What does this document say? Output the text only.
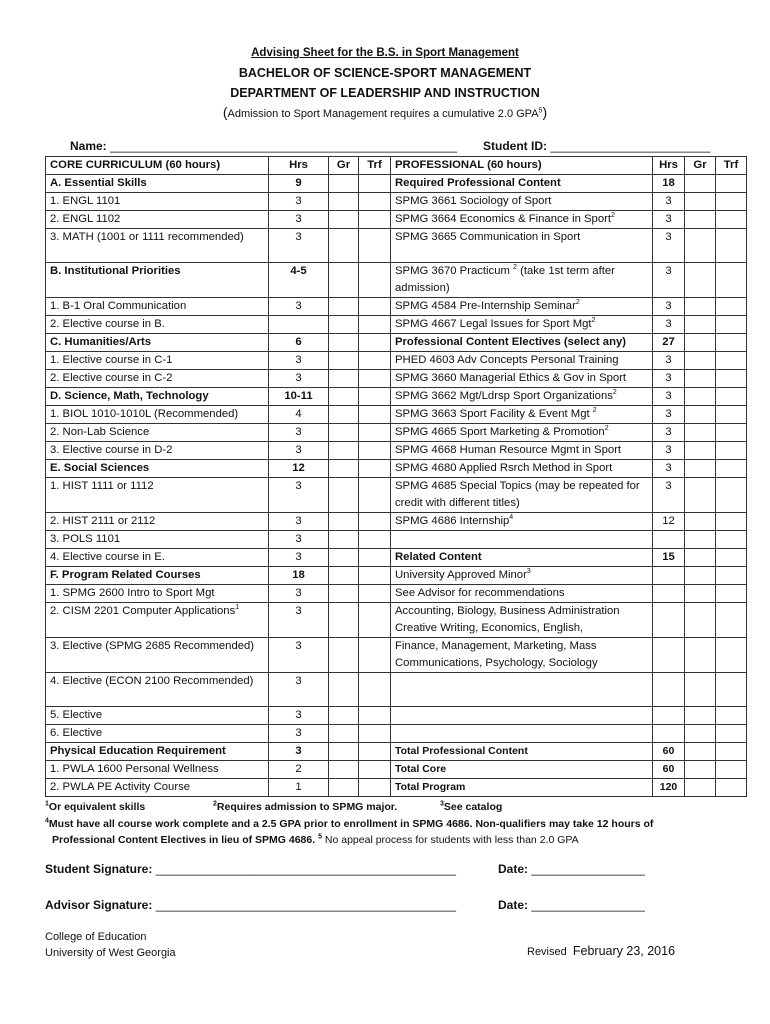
Advising Sheet for the B.S. in Sport Management
BACHELOR OF SCIENCE-SPORT MANAGEMENT
DEPARTMENT OF LEADERSHIP AND INSTRUCTION
(Admission to Sport Management requires a cumulative 2.0 GPA$^5$)
Name: ____________________________________________________ Student ID: ________________________
CORE CURRICULUM (60 hours)	Hrs	Gr	Trf	PROFESSIONAL (60 hours)	Hrs	Gr	Trf
A. Essential Skills	9			Required Professional Content	18		
1. ENGL 1101	3			SPMG 3661 Sociology of Sport	3		
2. ENGL 1102	3			SPMG 3664 Economics & Finance in Sport$^2$	3		
3. MATH (1001 or 1111 recommended)	3			SPMG 3665 Communication in Sport	3		
B. Institutional Priorities	4-5			SPMG 3670 Practicum $^2$ (take 1st term after admission)	3		
1. B-1 Oral Communication	3			SPMG 4584 Pre-Internship Seminar$^2$	3		
2. Elective course in B.				SPMG 4667 Legal Issues for Sport Mgt$^2$	3		
C. Humanities/Arts	6			Professional Content Electives (select any)	27		
1. Elective course in C-1	3			PHED 4603 Adv Concepts Personal Training	3		
2. Elective course in C-2	3			SPMG 3660 Managerial Ethics & Gov in Sport	3		
D. Science, Math, Technology	10-11			SPMG 3662 Mgt/Ldrsp Sport Organizations$^2$	3		
1. BIOL 1010-1010L (Recommended)	4			SPMG 3663 Sport Facility & Event Mgt $^2$	3		
2. Non-Lab Science	3			SPMG 4665 Sport Marketing & Promotion$^2$	3		
3. Elective course in D-2	3			SPMG 4668 Human Resource Mgmt in Sport	3		
E. Social Sciences	12			SPMG 4680 Applied Rsrch Method in Sport	3		
1. HIST 1111 or 1112	3			SPMG 4685 Special Topics (may be repeated for credit with different titles)	3		
2. HIST 2111 or 2112	3			SPMG 4686 Internship$^4$	12		
3. POLS 1101	3						
4. Elective course in E.	3			Related Content	15		
F. Program Related Courses	18			University Approved Minor$^3$			
1. SPMG 2600 Intro to Sport Mgt	3			See Advisor for recommendations			
2. CISM 2201 Computer Applications$^1$	3			Accounting, Biology, Business Administration Creative Writing, Economics, English,			
3. Elective (SPMG 2685 Recommended)	3			Finance, Management, Marketing, Mass Communications, Psychology, Sociology			
4. Elective (ECON 2100 Recommended)	3						
5. Elective	3						
6. Elective	3						
Physical Education Requirement	3			Total Professional Content	60		
1. PWLA 1600 Personal Wellness	2			Total Core	60		
2. PWLA PE Activity Course	1			Total Program	120		
$^1$Or equivalent skills	$^2$Requires admission to SPMG major.	$^3$See catalog
$^4$Must have all course work complete and a 2.5 GPA prior to enrollment in SPMG 4686. Non-qualifiers may take 12 hours of
Professional Content Electives in lieu of SPMG 4686. $^5$ No appeal process for students with less than 2.0 GPA
Student Signature: _____________________________________________	Date: _________________
Advisor Signature: _____________________________________________	Date: _________________
College of Education
University of West Georgia	Revised February 23, 2016
